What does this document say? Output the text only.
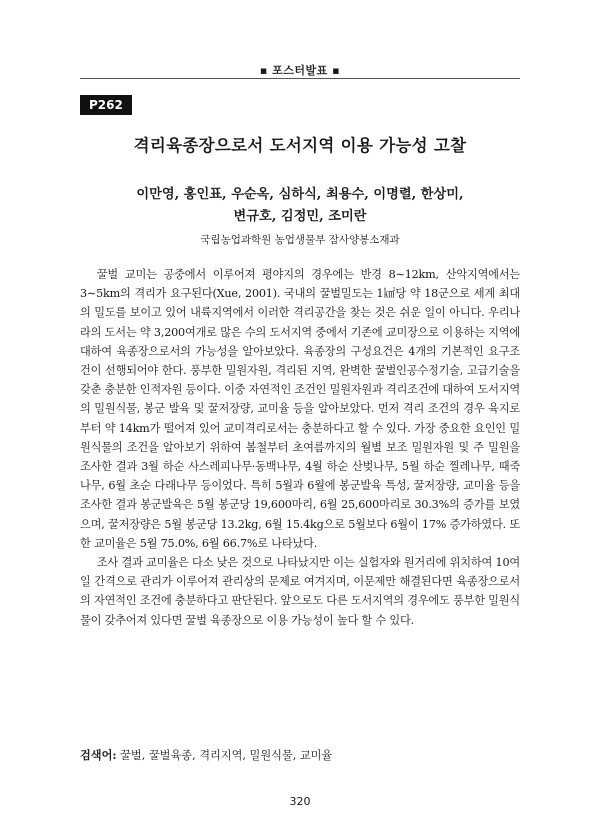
▪ 포스터발표 ▪
P262
격리육종장으로서 도서지역 이용 가능성 고찰
이만영, 홍인표, 우순옥, 심하식, 최용수, 이명렬, 한상미,
변규호, 김정민, 조미란
국립농업과학원 농업생물부 잠사양봉소재과

꿀벌 교미는 공중에서 이루어져 평야지의 경우에는 반경 8∼12km, 산악지역에서는 3∼5km의 격리가 요구된다(Xue, 2001). 국내의 꿀벌밀도는 1㎢당 약 18군으로 세계 최대의 밀도를 보이고 있어 내륙지역에서 이러한 격리공간을 찾는 것은 쉬운 일이 아니다. 우리나라의 도서는 약 3,200여개로 많은 수의 도서지역 중에서 기존에 교미장으로 이용하는 지역에 대하여 육종장으로서의 가능성을 알아보았다. 육종장의 구성요건은 4개의 기본적인 요구조건이 선행되어야 한다. 풍부한 밀원자원, 격리된 지역, 완벽한 꿀벌인공수정기술, 고급기술을 갖춘 충분한 인적자원 등이다. 이중 자연적인 조건인 밀원자원과 격리조건에 대하여 도서지역의 밀원식물, 봉군 발육 및 꿀저장량, 교미율 등을 알아보았다. 먼저 격리 조건의 경우 육지로부터 약 14km가 떨어져 있어 교미격리로서는 충분하다고 할 수 있다. 가장 중요한 요인인 밀원식물의 조건을 알아보기 위하여 봄철부터 초여름까지의 월별 보조 밀원자원 및 주 밀원을 조사한 결과 3월 하순 사스레피나무·동백나무, 4월 하순 산벚나무, 5월 하순 찔레나무, 때죽나무, 6월 초순 다래나무 등이었다. 특히 5월과 6월에 봉군발육 특성, 꿀저장량, 교미율 등을 조사한 결과 봉군발육은 5월 봉군당 19,600마리, 6월 25,600마리로 30.3%의 증가를 보였으며, 꿀저장량은 5월 봉군당 13.2kg, 6월 15.4kg으로 5월보다 6월이 17% 증가하였다. 또한 교미율은 5월 75.0%, 6월 66.7%로 나타났다.

조사 결과 교미율은 다소 낮은 것으로 나타났지만 이는 실험자와 원거리에 위치하여 10여일 간격으로 관리가 이루어져 관리상의 문제로 여겨지며, 이문제만 해결된다면 육종장으로서의 자연적인 조건에 충분하다고 판단된다. 앞으로도 다른 도서지역의 경우에도 풍부한 밀원식물이 갖추어져 있다면 꿀벌 육종장으로 이용 가능성이 높다 할 수 있다.

검색어: 꿀벌, 꿀벌육종, 격리지역, 밀원식물, 교미율
320
